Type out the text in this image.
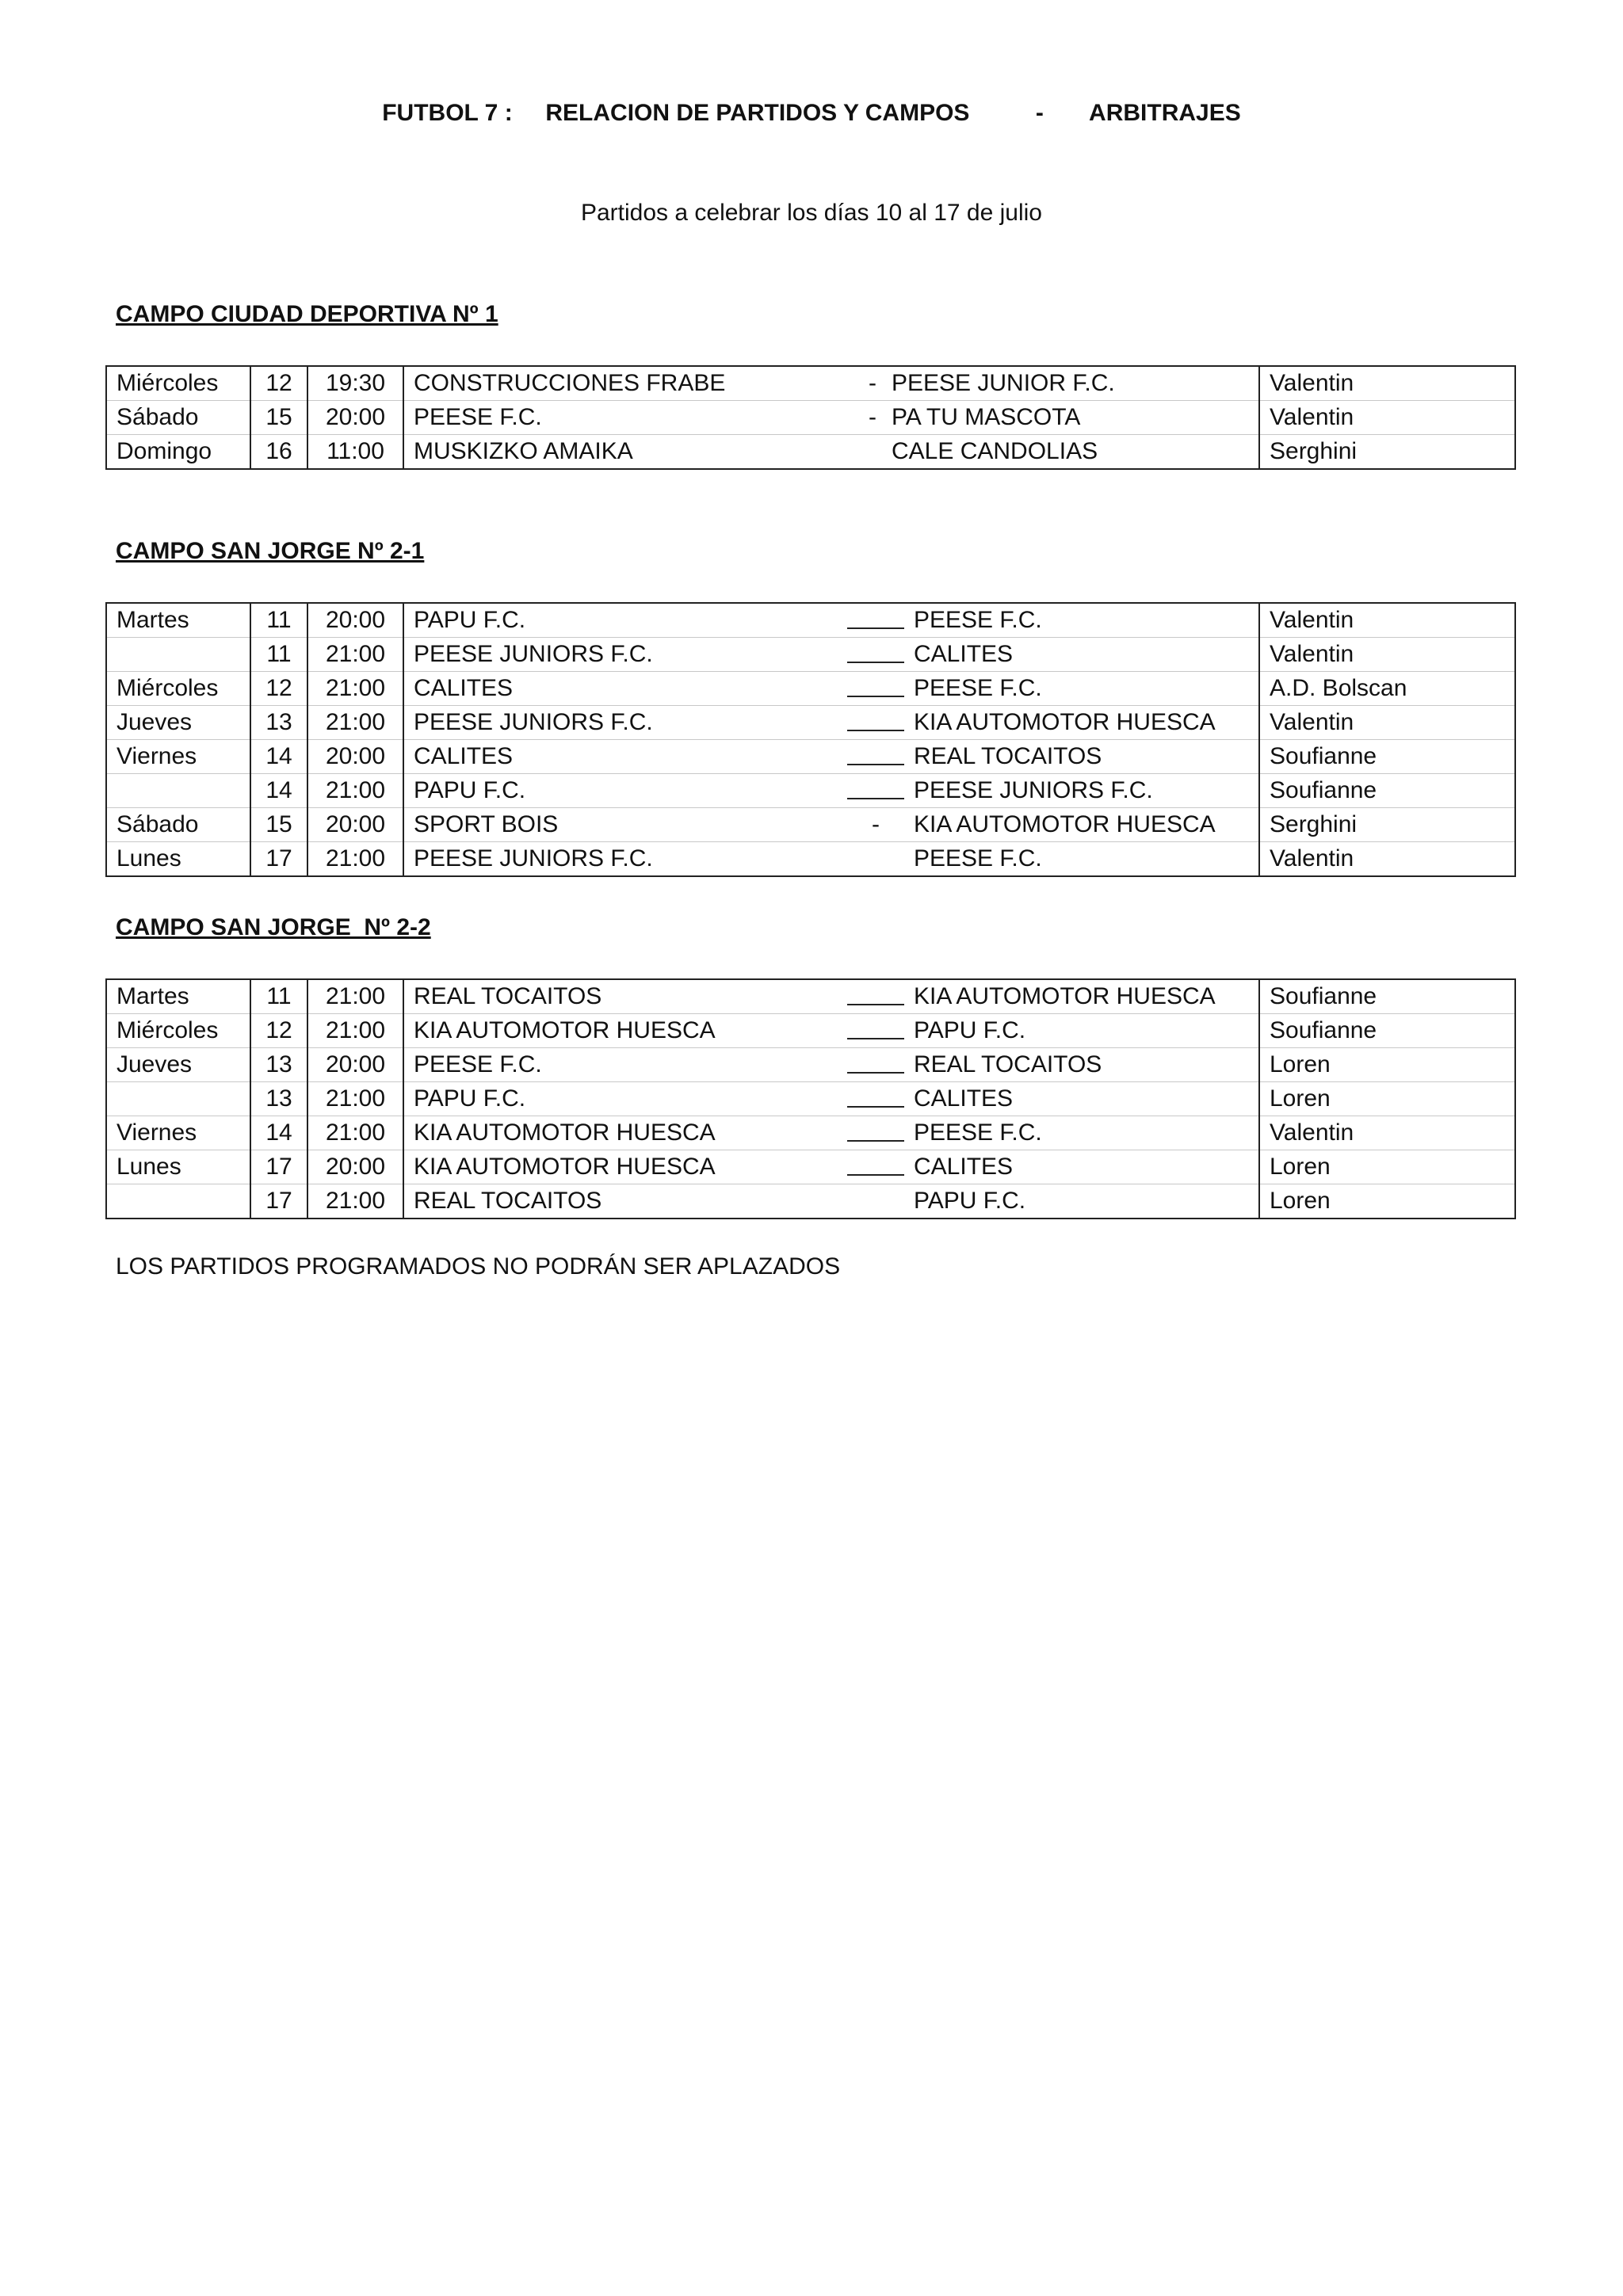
FUTBOL 7 : RELACION DE PARTIDOS Y CAMPOS	- ARBITRAJES
Partidos a celebrar los días 10 al 17 de julio
CAMPO CIUDAD DEPORTIVA Nº 1
Miércoles	12	19:30	CONSTRUCCIONES FRABE	-	PEESE JUNIOR F.C.	Valentin
Sábado	15	20:00	PEESE F.C.	-	PA TU MASCOTA	Valentin
Domingo	16	11:00	MUSKIZKO AMAIKA		CALE CANDOLIAS	Serghini
CAMPO SAN JORGE Nº 2-1
Martes	11	20:00	PAPU F.C.		PEESE F.C.	Valentin
	11	21:00	PEESE JUNIORS F.C.		CALITES	Valentin
Miércoles	12	21:00	CALITES		PEESE F.C.	A.D. Bolscan
Jueves	13	21:00	PEESE JUNIORS F.C.		KIA AUTOMOTOR HUESCA	Valentin
Viernes	14	20:00	CALITES		REAL TOCAITOS	Soufianne
	14	21:00	PAPU F.C.		PEESE JUNIORS F.C.	Soufianne
Sábado	15	20:00	SPORT BOIS	-	KIA AUTOMOTOR HUESCA	Serghini
Lunes	17	21:00	PEESE JUNIORS F.C.		PEESE F.C.	Valentin
CAMPO SAN JORGE  Nº 2-2
Martes	11	21:00	REAL TOCAITOS		KIA AUTOMOTOR HUESCA	Soufianne
Miércoles	12	21:00	KIA AUTOMOTOR HUESCA		PAPU F.C.	Soufianne
Jueves	13	20:00	PEESE F.C.		REAL TOCAITOS	Loren
	13	21:00	PAPU F.C.		CALITES	Loren
Viernes	14	21:00	KIA AUTOMOTOR HUESCA		PEESE F.C.	Valentin
Lunes	17	20:00	KIA AUTOMOTOR HUESCA		CALITES	Loren
	17	21:00	REAL TOCAITOS		PAPU F.C.	Loren
LOS PARTIDOS PROGRAMADOS NO PODRÁN SER APLAZADOS
